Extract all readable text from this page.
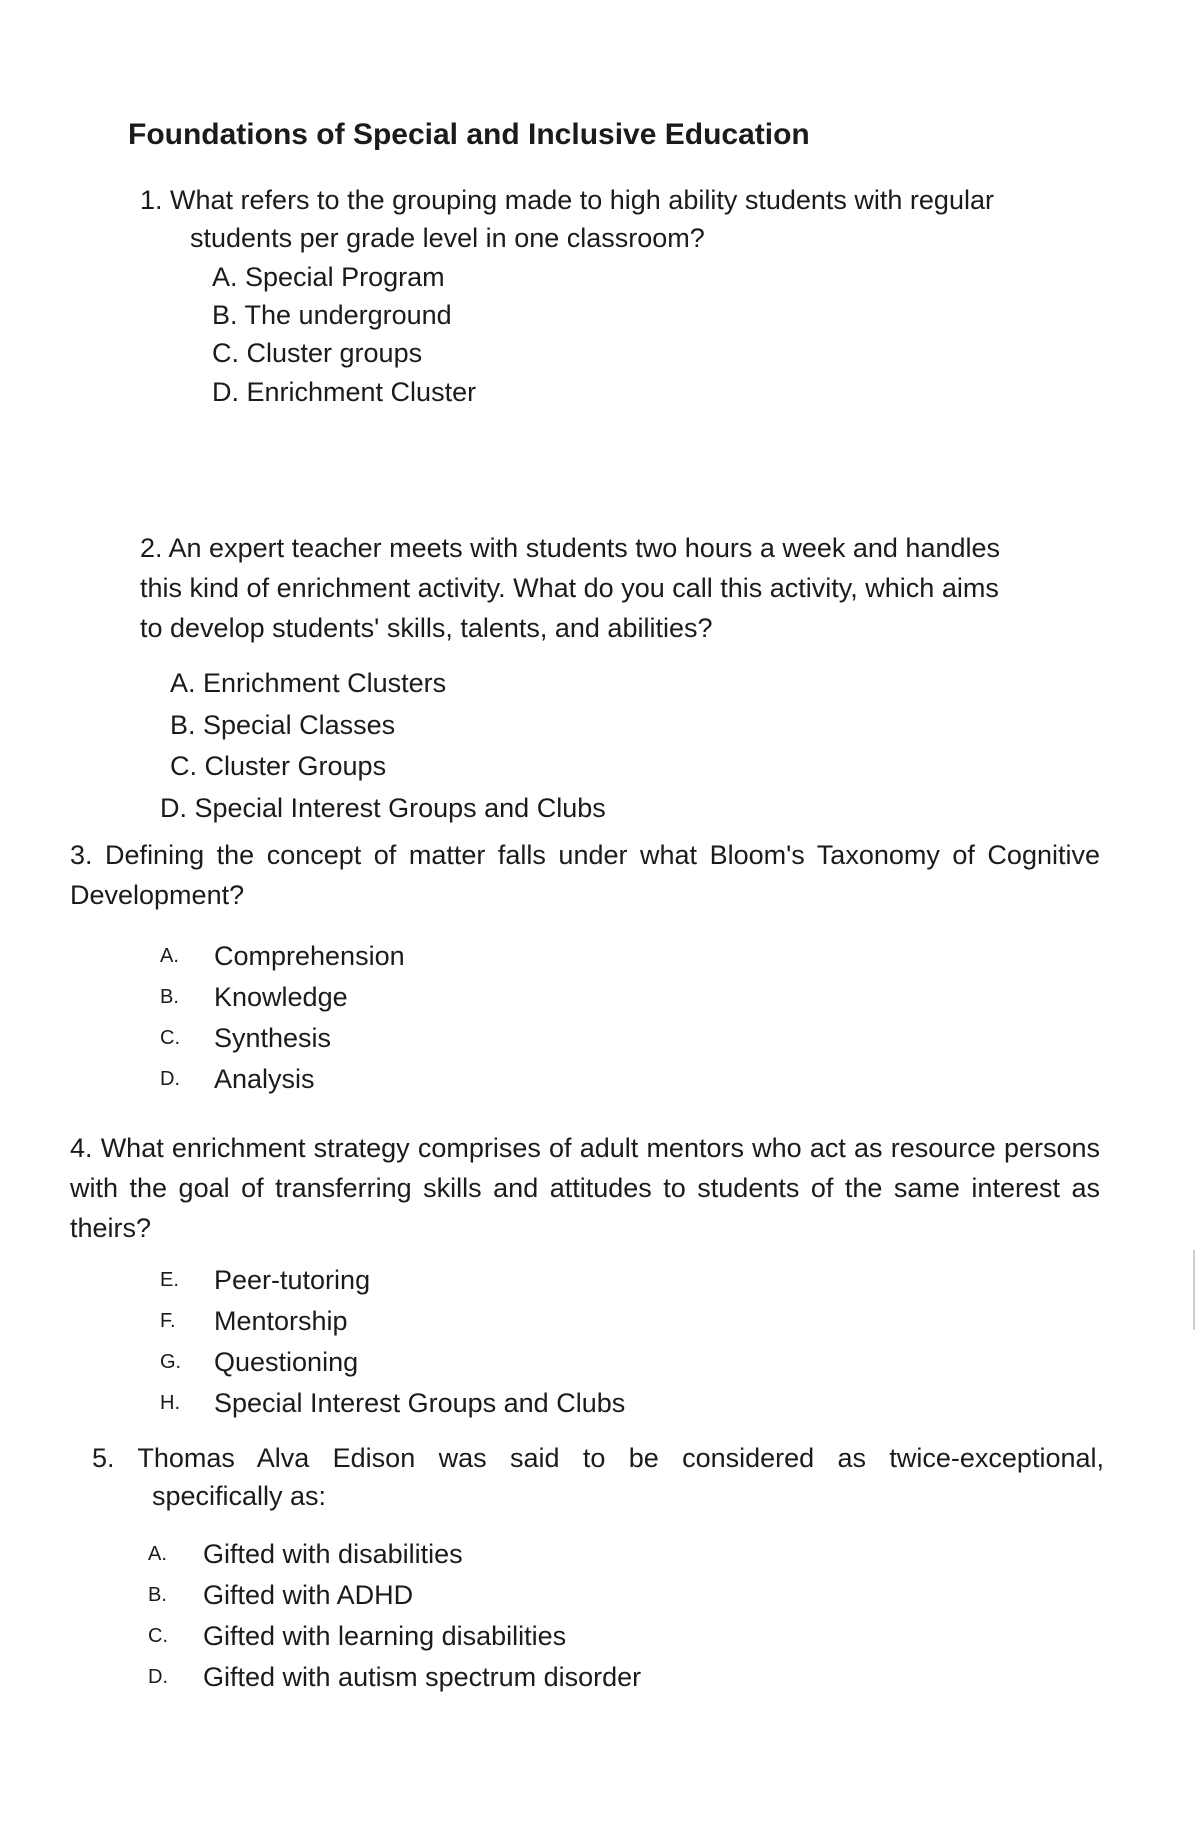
Foundations of Special and Inclusive Education
1. What refers to the grouping made to high ability students with regular
students per grade level in one classroom?
A. Special Program
B. The underground
C. Cluster groups
D. Enrichment Cluster
2. An expert teacher meets with students two hours a week and handles
this kind of enrichment activity. What do you call this activity, which aims
to develop students' skills, talents, and abilities?
A. Enrichment Clusters
B. Special Classes
C. Cluster Groups
D. Special Interest Groups and Clubs
3. Defining the concept of matter falls under what Bloom's Taxonomy of Cognitive Development?
A. Comprehension
B. Knowledge
C. Synthesis
D. Analysis
4. What enrichment strategy comprises of adult mentors who act as resource persons with the goal of transferring skills and attitudes to students of the same interest as theirs?
E. Peer-tutoring
F. Mentorship
G. Questioning
H. Special Interest Groups and Clubs
5. Thomas Alva Edison was said to be considered as twice-exceptional,
specifically as:
A. Gifted with disabilities
B. Gifted with ADHD
C. Gifted with learning disabilities
D. Gifted with autism spectrum disorder
